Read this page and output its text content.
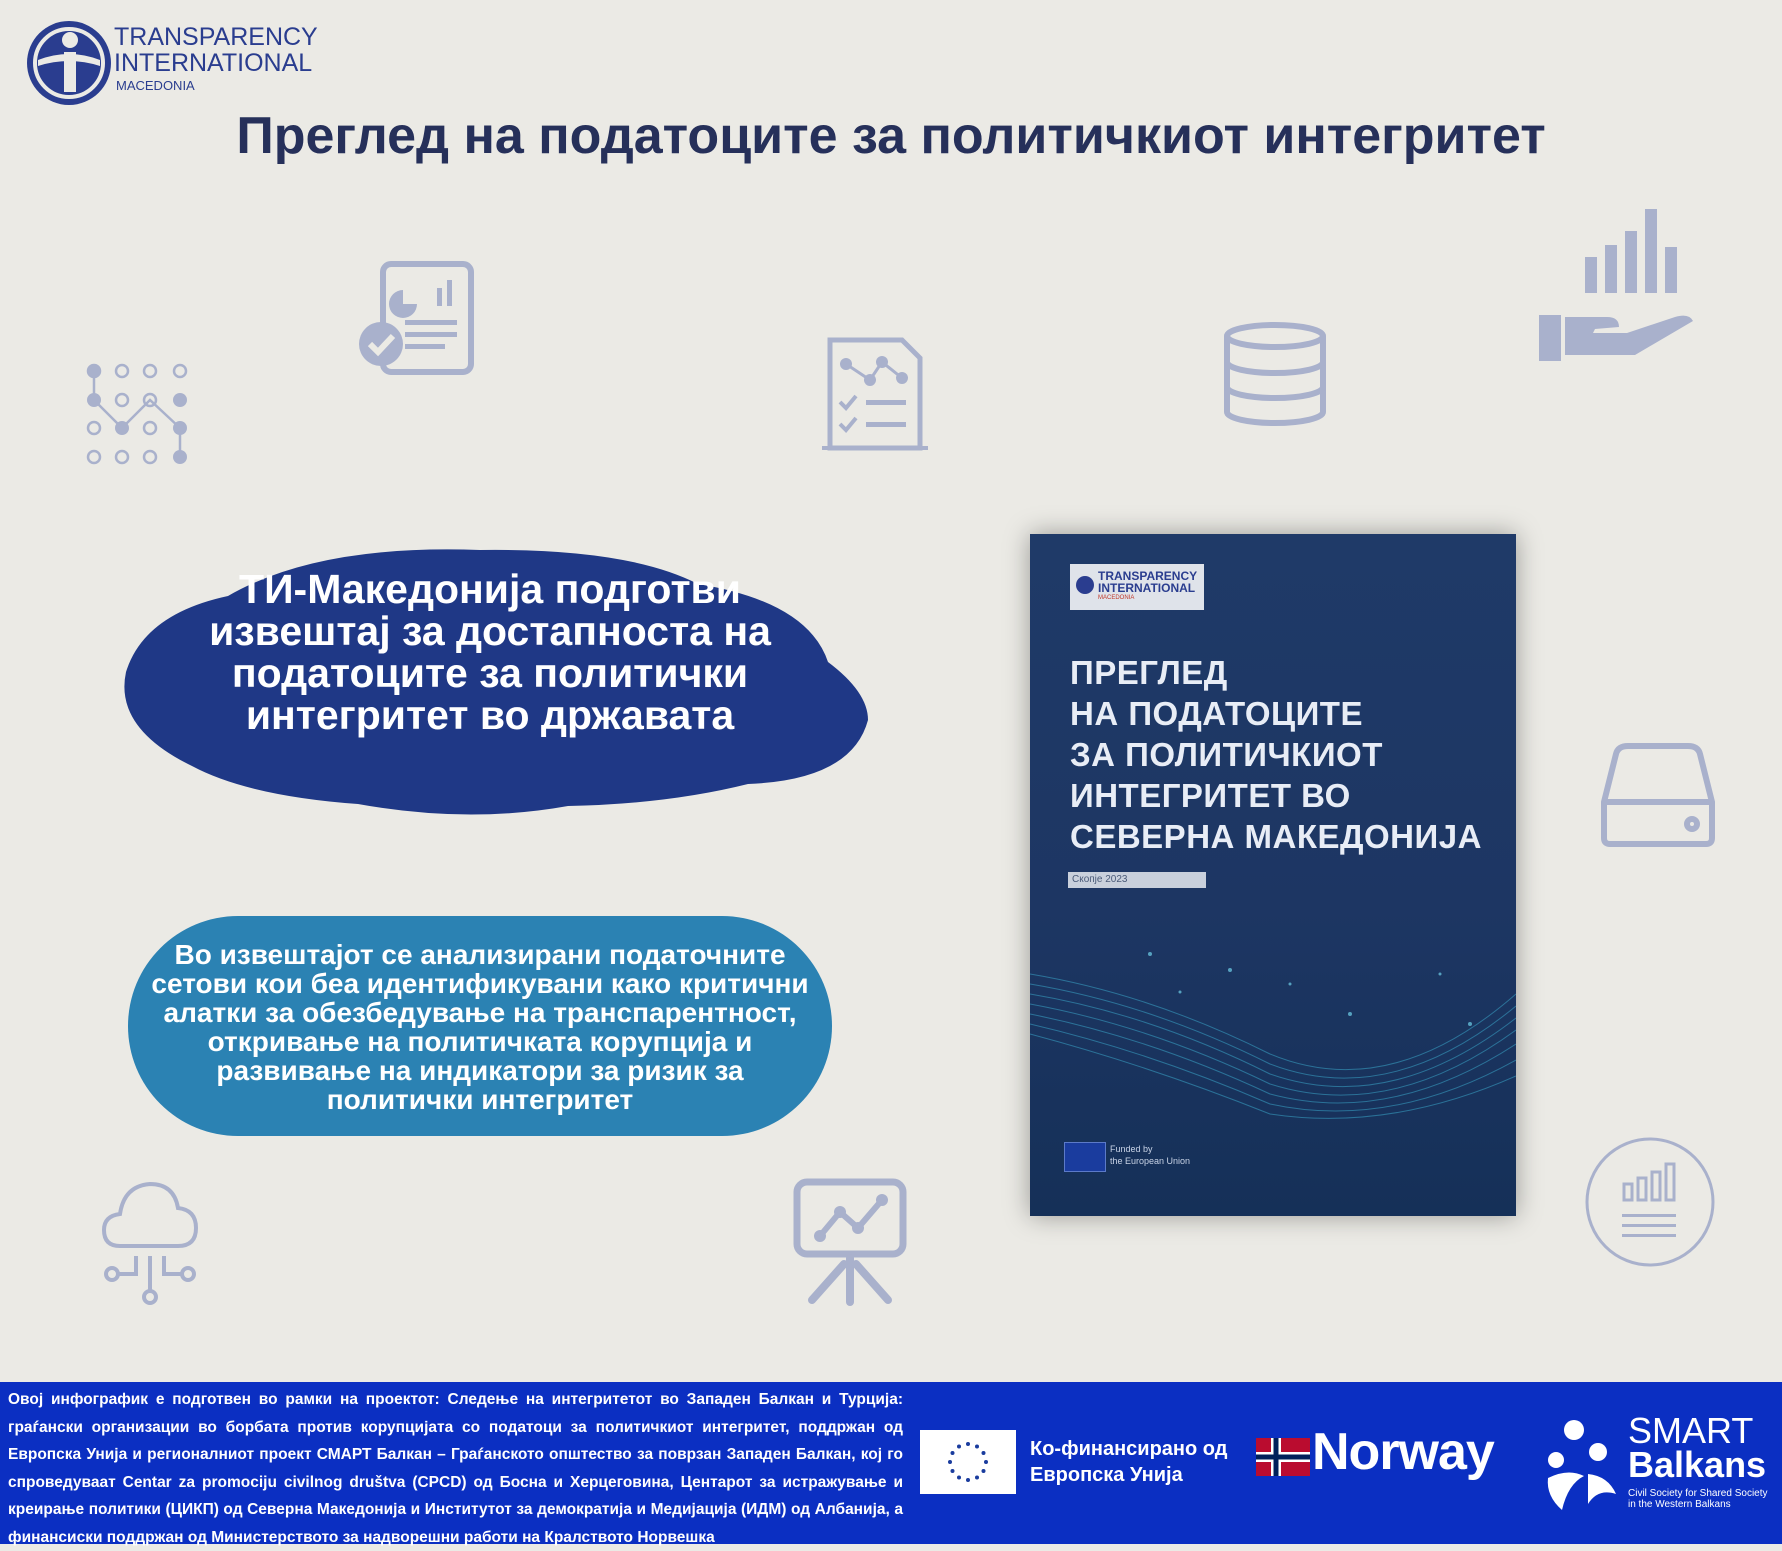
TRANSPARENCY
INTERNATIONAL
MACEDONIA
Преглед на податоците за политичкиот интегритет
ТИ-Македонија подготви извештај за достапноста на податоците за политички интегритет во државата
Во извештајот се анализирани податочните сетови кои беа идентификувани како критични алатки за обезбедување на транспарентност, откривање на политичката корупција и развивање на индикатори за ризик за политички интегритет
TRANSPARENCY
INTERNATIONAL
MACEDONIA
ПРЕГЛЕД
НА ПОДАТОЦИТЕ
ЗА ПОЛИТИЧКИОТ
ИНТЕГРИТЕТ ВО
СЕВЕРНА МАКЕДОНИЈА
Скопје 2023
Funded by
the European Union
Овој инфографик е подготвен во рамки на проектот: Следење на интегритетот во Западен Балкан и Турција: граѓански организации во борбата против корупцијата со податоци за политичкиот интегритет, поддржан од Европска Унија и регионалниот проект СМАРТ Балкан – Граѓанското општество за поврзан Западен Балкан, кој го спроведуваат Centar za promociju civilnog društva (CPCD) од Босна и Херцеговина, Центарот за истражување и креирање политики (ЦИКП) од Северна Македонија и Институтот за демократија и Медијација (ИДМ) од Албанија, а финансиски поддржан од Министерството за надворешни работи на Кралството Норвешка
Ко-финансирано од
Европска Унија Norway	SMART
Balkans
Civil Society for Shared Society
in the Western Balkans
